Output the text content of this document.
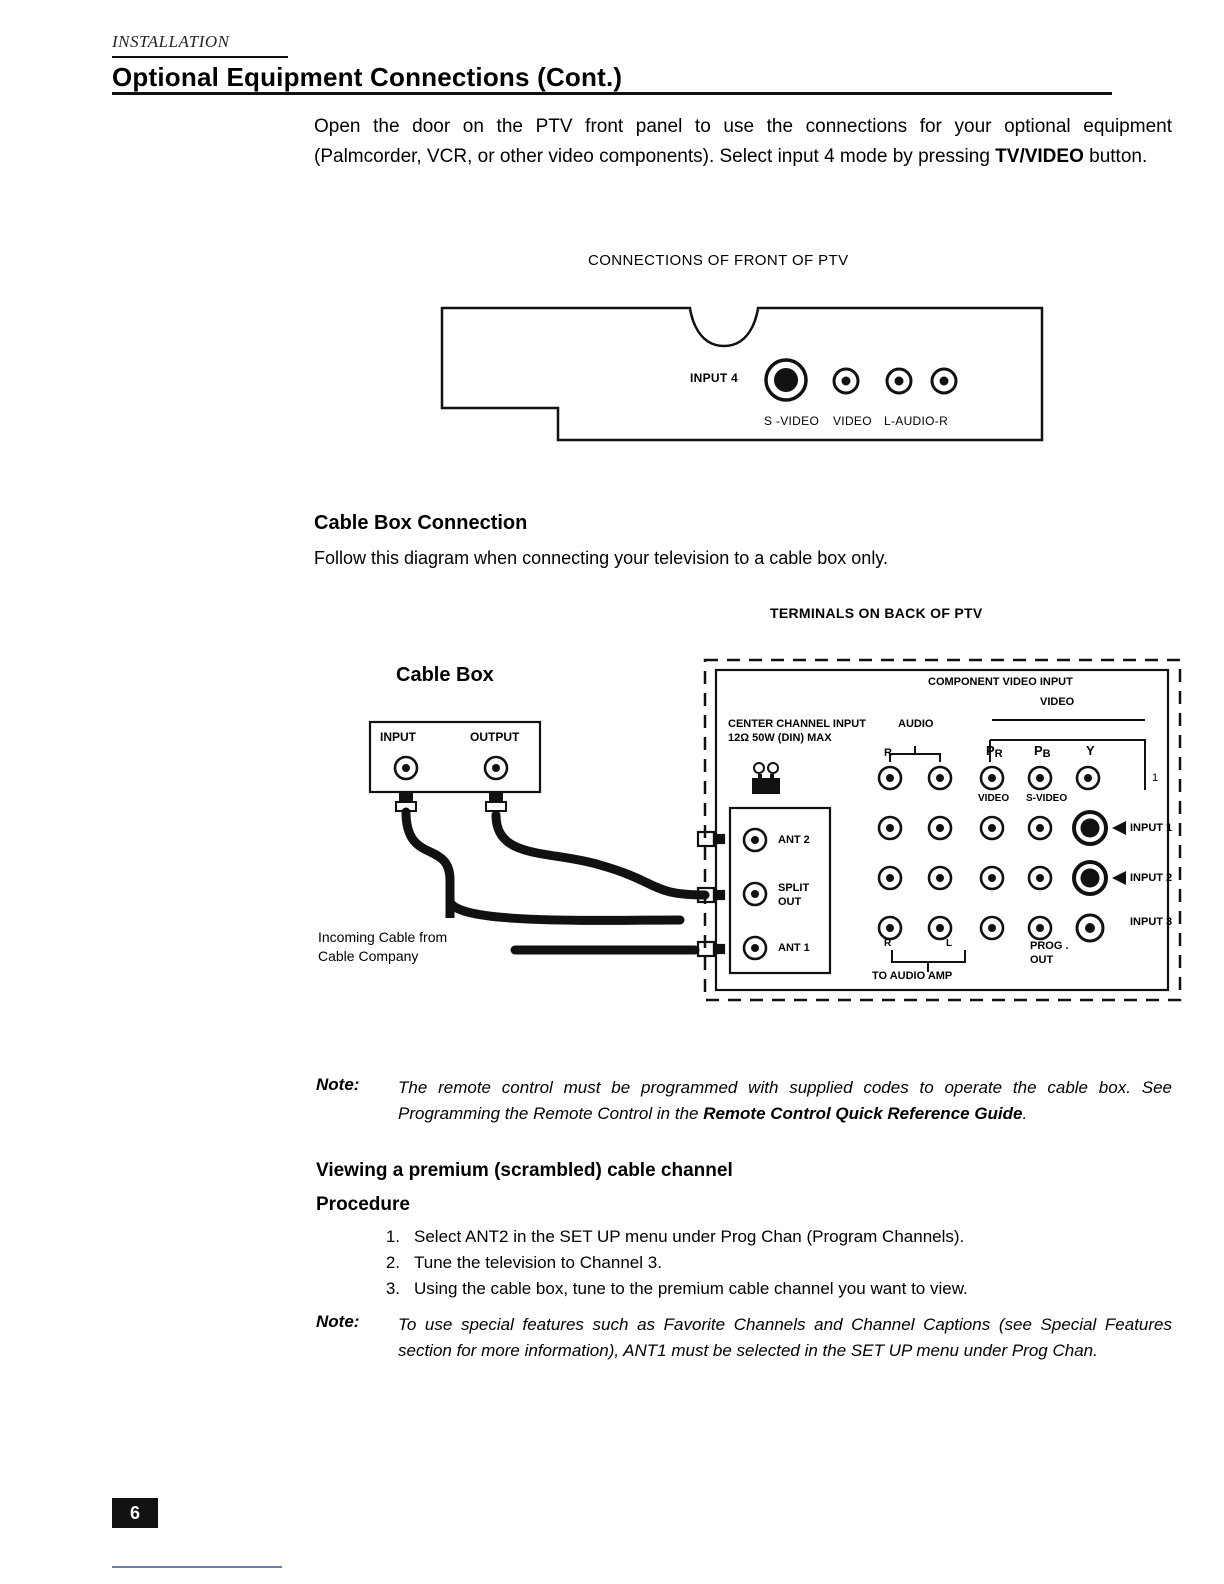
INSTALLATION
Optional Equipment Connections (Cont.)
Open the door on the PTV front panel to use the connections for your optional equipment (Palmcorder, VCR, or other video components). Select input 4 mode by pressing TV/VIDEO button.
CONNECTIONS OF FRONT OF PTV
INPUT 4
S -VIDEO VIDEO L-AUDIO-R
Cable Box Connection
Follow this diagram when connecting your television to a cable box only.
TERMINALS ON BACK OF PTV
Cable Box
Incoming Cable from
Cable Company
INPUT	OUTPUT
CENTER CHANNEL INPUT
12Ω 50W (DIN) MAX
AUDIO
COMPONENT VIDEO INPUT
VIDEO
R	PR PB	Y
1
VIDEO S-VIDEO
INPUT 1
INPUT 2
INPUT 3
ANT 2
SPLIT
OUT
ANT 1	R	L	PROG .
OUT
TO AUDIO AMP
Note: The remote control must be programmed with supplied codes to operate the cable box. See Programming the Remote Control in the Remote Control Quick Reference Guide.
Viewing a premium (scrambled) cable channel
Procedure
1. Select ANT2 in the SET UP menu under Prog Chan (Program Channels).
2. Tune the television to Channel 3.
3. Using the cable box, tune to the premium cable channel you want to view.
Note: To use special features such as Favorite Channels and Channel Captions (see Special Features section for more information), ANT1 must be selected in the SET UP menu under Prog Chan.
6
